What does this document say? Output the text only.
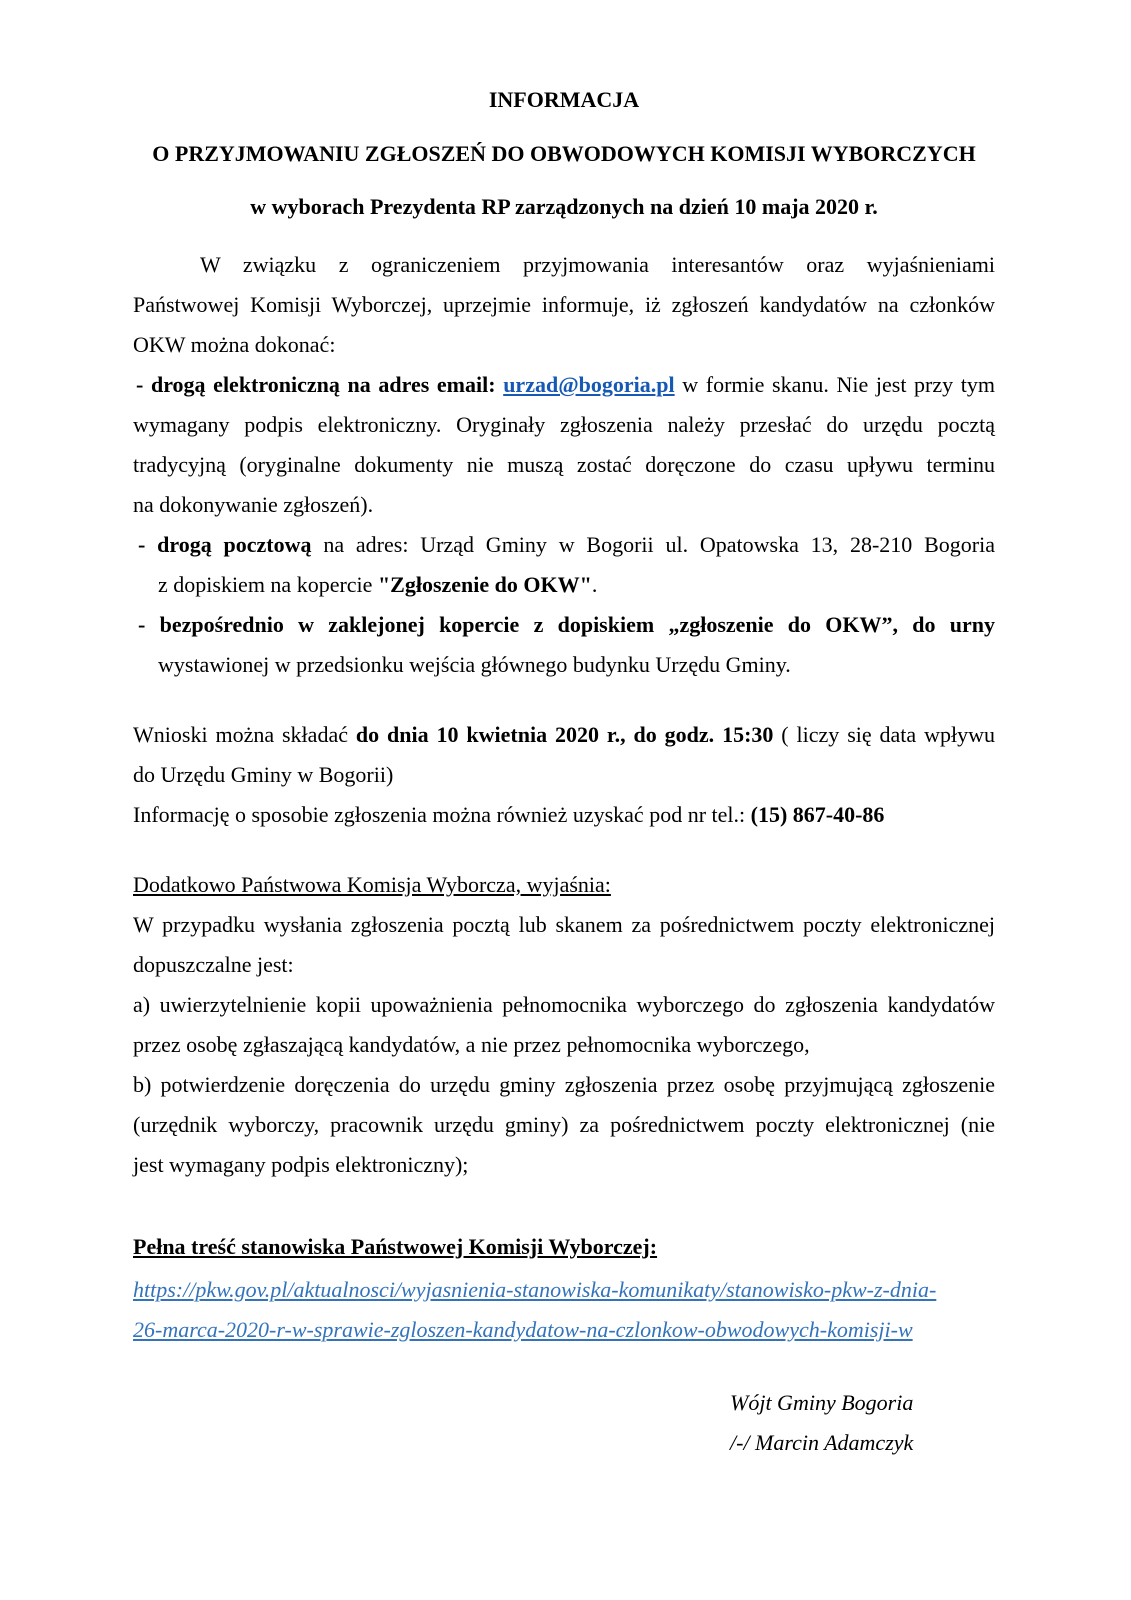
INFORMACJA
O PRZYJMOWANIU ZGŁOSZEŃ DO OBWODOWYCH KOMISJI WYBORCZYCH
w wyborach Prezydenta RP zarządzonych na dzień 10 maja 2020 r.
W związku z ograniczeniem przyjmowania interesantów oraz wyjaśnieniami
Państwowej Komisji Wyborczej, uprzejmie informuje, iż zgłoszeń kandydatów na członków
OKW można dokonać:
- drogą elektroniczną na adres email: urzad@bogoria.pl w formie skanu. Nie jest przy tym
wymagany podpis elektroniczny. Oryginały zgłoszenia należy przesłać do urzędu pocztą
tradycyjną (oryginalne dokumenty nie muszą zostać doręczone do czasu upływu terminu
na dokonywanie zgłoszeń).
- drogą pocztową na adres: Urząd Gminy w Bogorii ul. Opatowska 13, 28-210 Bogoria
z dopiskiem na kopercie "Zgłoszenie do OKW".
- bezpośrednio w zaklejonej kopercie z dopiskiem „zgłoszenie do OKW”, do urny
wystawionej w przedsionku wejścia głównego budynku Urzędu Gminy.
Wnioski można składać do dnia 10 kwietnia 2020 r., do godz. 15:30 ( liczy się data wpływu
do Urzędu Gminy w Bogorii)
Informację o sposobie zgłoszenia można również uzyskać pod nr tel.: (15) 867-40-86
Dodatkowo Państwowa Komisja Wyborcza, wyjaśnia:
W przypadku wysłania zgłoszenia pocztą lub skanem za pośrednictwem poczty elektronicznej
dopuszczalne jest:
a) uwierzytelnienie kopii upoważnienia pełnomocnika wyborczego do zgłoszenia kandydatów
przez osobę zgłaszającą kandydatów, a nie przez pełnomocnika wyborczego,
b) potwierdzenie doręczenia do urzędu gminy zgłoszenia przez osobę przyjmującą zgłoszenie
(urzędnik wyborczy, pracownik urzędu gminy) za pośrednictwem poczty elektronicznej (nie
jest wymagany podpis elektroniczny);
Pełna treść stanowiska Państwowej Komisji Wyborczej:
https://pkw.gov.pl/aktualnosci/wyjasnienia-stanowiska-komunikaty/stanowisko-pkw-z-dnia-
26-marca-2020-r-w-sprawie-zgloszen-kandydatow-na-czlonkow-obwodowych-komisji-w
Wójt Gminy Bogoria
/-/ Marcin Adamczyk
